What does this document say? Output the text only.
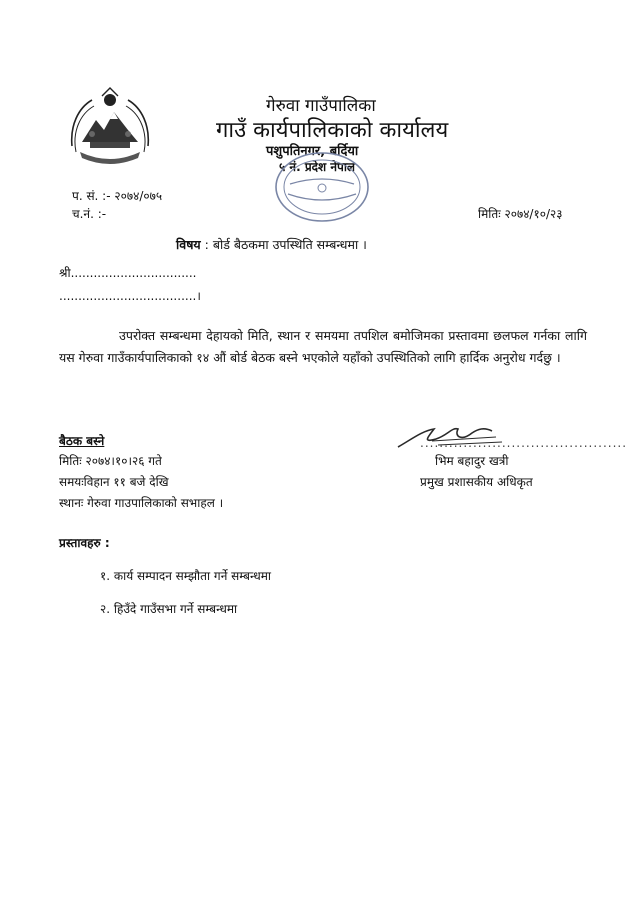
गेरुवा गाउँपालिका
गाउँ कार्यपालिकाको कार्यालय
पशुपतिनगर, बर्दिया
५ नं. प्रदेश नेपाल
प. सं. :- २०७४/०७५
च.नं. :-	मितिः २०७४/१०/२३
विषय : बोर्ड बैठकमा उपस्थिति सम्बन्धमा ।
श्री.................................
....................................।
उपरोक्त सम्बन्धमा देहायको मिति, स्थान र समयमा तपशिल बमोजिमका प्रस्तावमा छलफल गर्नका लागि यस गेरुवा गाउँकार्यपालिकाको १४ औं बोर्ड बेठक बस्ने भएकोले यहाँको उपस्थितिको लागि हार्दिक अनुरोध गर्दछु ।
बैठक बस्ने
मितिः २०७४।१०।२६ गते
समयःविहान ११ बजे देखि
स्थानः गेरुवा गाउपालिकाको सभाहल ।
...........................................
भिम बहादुर खत्री
प्रमुख प्रशासकीय अधिकृत
प्रस्तावहरु :
१. कार्य सम्पादन सम्झौता गर्ने सम्बन्धमा
२. हिउँदे गाउँसभा गर्ने सम्बन्धमा
